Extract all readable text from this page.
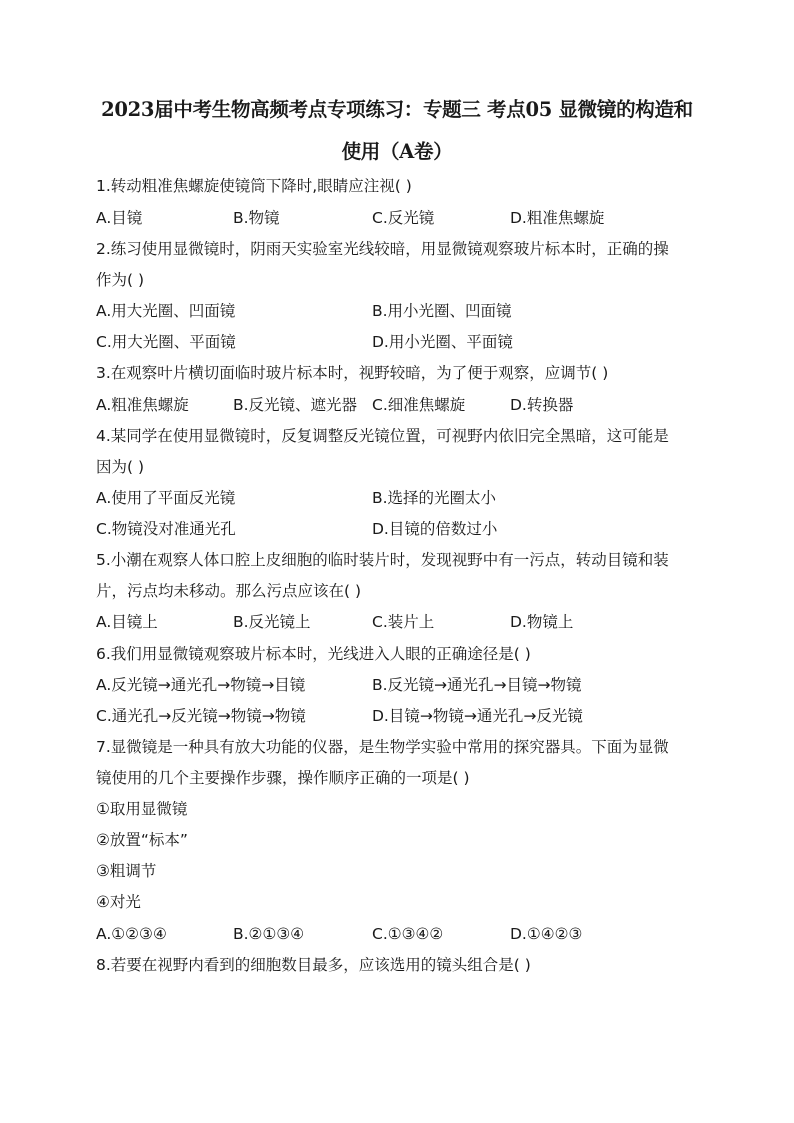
2023届中考生物高频考点专项练习：专题三 考点05 显微镜的构造和
使用（A卷）
1.转动粗准焦螺旋使镜筒下降时,眼睛应注视( )
A.目镜	B.物镜	C.反光镜	D.粗准焦螺旋
2.练习使用显微镜时，阴雨天实验室光线较暗，用显微镜观察玻片标本时，正确的操
作为( )
A.用大光圈、凹面镜	B.用小光圈、凹面镜
C.用大光圈、平面镜	D.用小光圈、平面镜
3.在观察叶片横切面临时玻片标本时，视野较暗，为了便于观察，应调节( )
A.粗准焦螺旋	B.反光镜、遮光器 C.细准焦螺旋	D.转换器
4.某同学在使用显微镜时，反复调整反光镜位置，可视野内依旧完全黑暗，这可能是
因为( )
A.使用了平面反光镜	B.选择的光圈太小
C.物镜没对准通光孔	D.目镜的倍数过小
5.小潮在观察人体口腔上皮细胞的临时装片时，发现视野中有一污点，转动目镜和装
片，污点均未移动。那么污点应该在( )
A.目镜上	B.反光镜上	C.装片上	D.物镜上
6.我们用显微镜观察玻片标本时，光线进入人眼的正确途径是( )
A.反光镜→通光孔→物镜→目镜	B.反光镜→通光孔→目镜→物镜
C.通光孔→反光镜→物镜→物镜	D.目镜→物镜→通光孔→反光镜
7.显微镜是一种具有放大功能的仪器，是生物学实验中常用的探究器具。下面为显微
镜使用的几个主要操作步骤，操作顺序正确的一项是( )
①取用显微镜
②放置“标本”
③粗调节
④对光
A.①②③④	B.②①③④	C.①③④②	D.①④②③
8.若要在视野内看到的细胞数目最多，应该选用的镜头组合是( )
